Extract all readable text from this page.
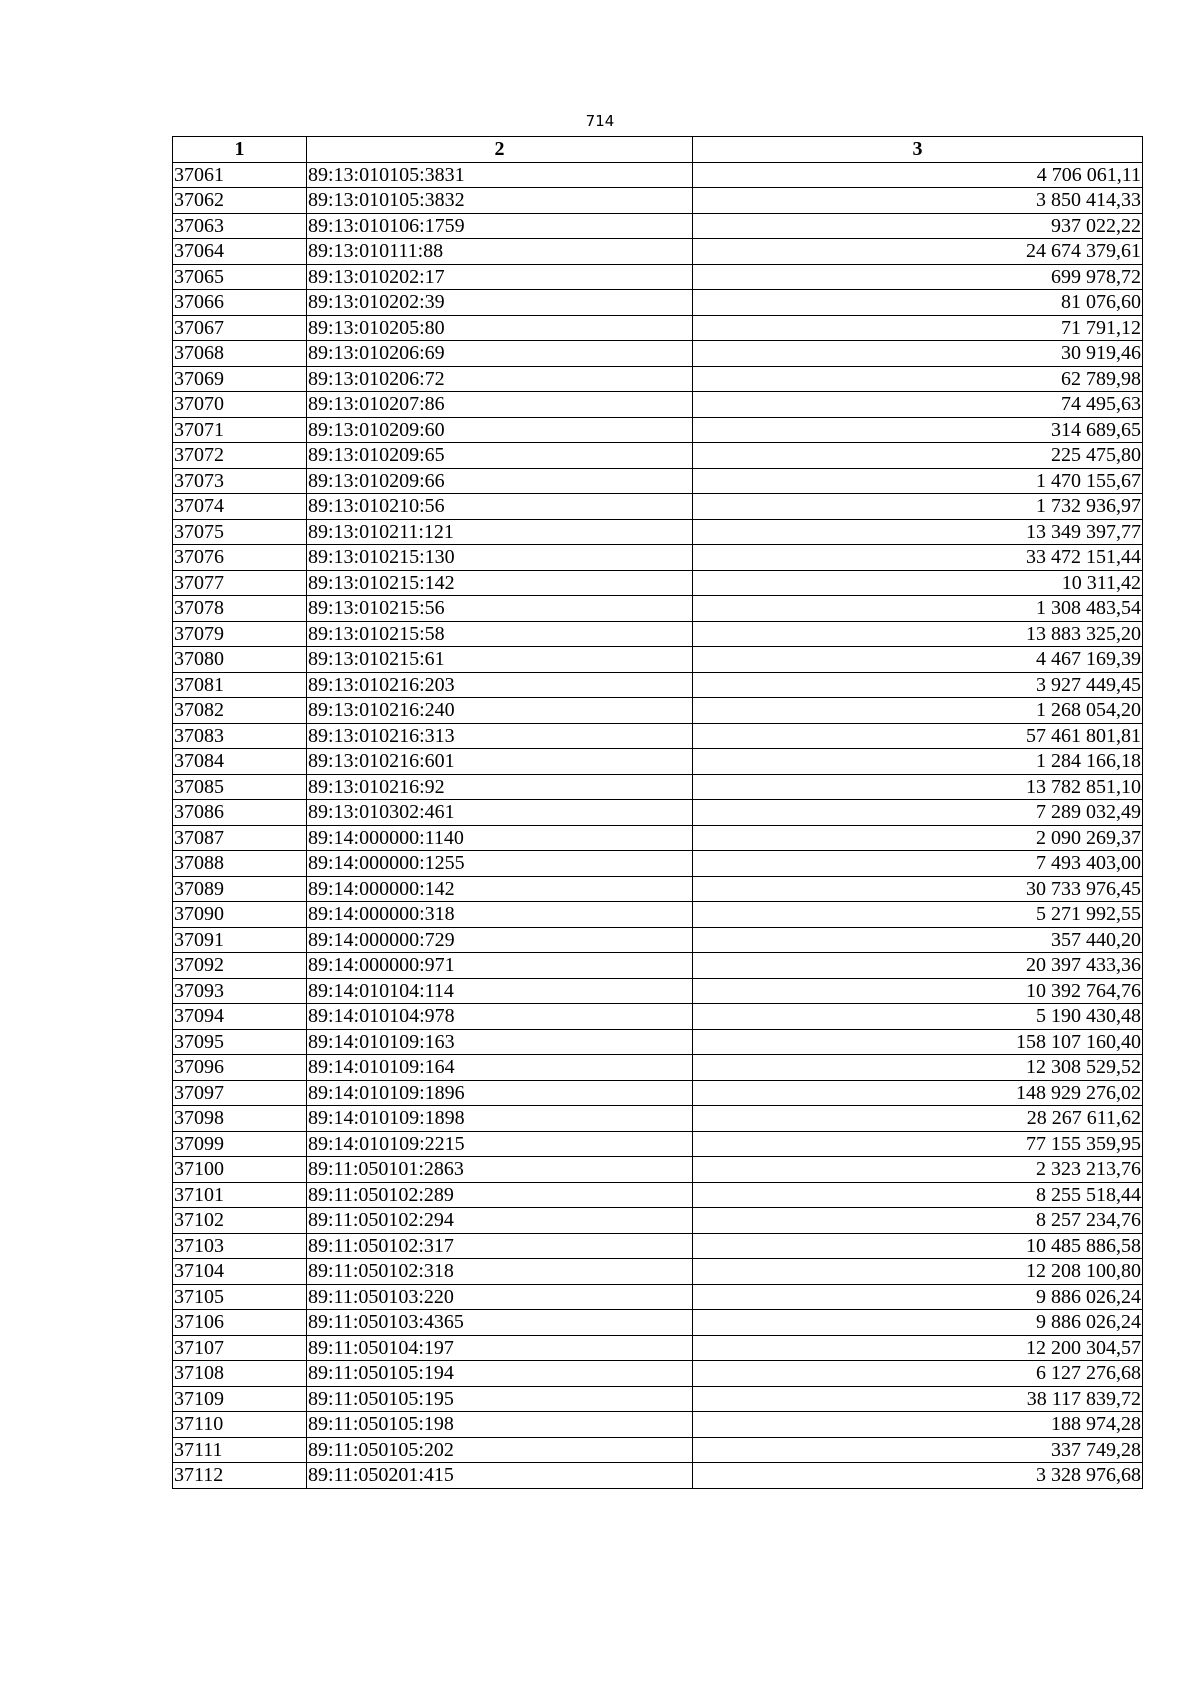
714
1	2	3
37061	89:13:010105:3831	4 706 061,11
37062	89:13:010105:3832	3 850 414,33
37063	89:13:010106:1759	937 022,22
37064	89:13:010111:88	24 674 379,61
37065	89:13:010202:17	699 978,72
37066	89:13:010202:39	81 076,60
37067	89:13:010205:80	71 791,12
37068	89:13:010206:69	30 919,46
37069	89:13:010206:72	62 789,98
37070	89:13:010207:86	74 495,63
37071	89:13:010209:60	314 689,65
37072	89:13:010209:65	225 475,80
37073	89:13:010209:66	1 470 155,67
37074	89:13:010210:56	1 732 936,97
37075	89:13:010211:121	13 349 397,77
37076	89:13:010215:130	33 472 151,44
37077	89:13:010215:142	10 311,42
37078	89:13:010215:56	1 308 483,54
37079	89:13:010215:58	13 883 325,20
37080	89:13:010215:61	4 467 169,39
37081	89:13:010216:203	3 927 449,45
37082	89:13:010216:240	1 268 054,20
37083	89:13:010216:313	57 461 801,81
37084	89:13:010216:601	1 284 166,18
37085	89:13:010216:92	13 782 851,10
37086	89:13:010302:461	7 289 032,49
37087	89:14:000000:1140	2 090 269,37
37088	89:14:000000:1255	7 493 403,00
37089	89:14:000000:142	30 733 976,45
37090	89:14:000000:318	5 271 992,55
37091	89:14:000000:729	357 440,20
37092	89:14:000000:971	20 397 433,36
37093	89:14:010104:114	10 392 764,76
37094	89:14:010104:978	5 190 430,48
37095	89:14:010109:163	158 107 160,40
37096	89:14:010109:164	12 308 529,52
37097	89:14:010109:1896	148 929 276,02
37098	89:14:010109:1898	28 267 611,62
37099	89:14:010109:2215	77 155 359,95
37100	89:11:050101:2863	2 323 213,76
37101	89:11:050102:289	8 255 518,44
37102	89:11:050102:294	8 257 234,76
37103	89:11:050102:317	10 485 886,58
37104	89:11:050102:318	12 208 100,80
37105	89:11:050103:220	9 886 026,24
37106	89:11:050103:4365	9 886 026,24
37107	89:11:050104:197	12 200 304,57
37108	89:11:050105:194	6 127 276,68
37109	89:11:050105:195	38 117 839,72
37110	89:11:050105:198	188 974,28
37111	89:11:050105:202	337 749,28
37112	89:11:050201:415	3 328 976,68
